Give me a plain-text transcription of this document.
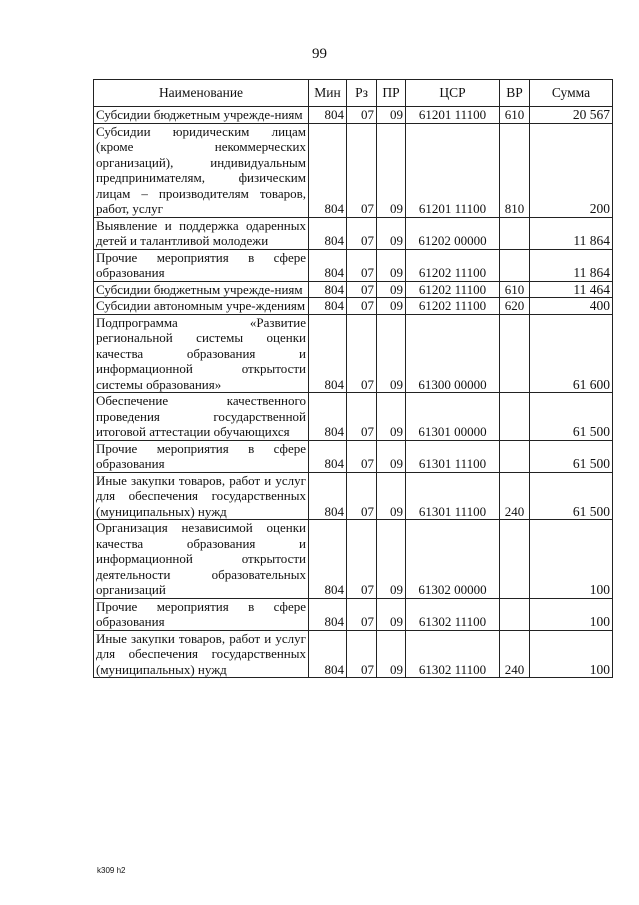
99
Наименование	Мин	Рз	ПР	ЦСР	ВР	Сумма
Субсидии бюджетным учрежде-ниям	804	07	09	61201 11100	610	20 567
Субсидии юридическим лицам (кроме некоммерческих организаций), индивидуальным предпринимателям, физическим лицам – производителям товаров, работ, услуг	804	07	09	61201 11100	810	200
Выявление и поддержка одаренных детей и талантливой молодежи	804	07	09	61202 00000		11 864
Прочие мероприятия в сфере образования	804	07	09	61202 11100		11 864
Субсидии бюджетным учрежде-ниям	804	07	09	61202 11100	610	11 464
Субсидии автономным учре-ждениям	804	07	09	61202 11100	620	400
Подпрограмма «Развитие региональной системы оценки качества образования и информационной открытости системы образования»	804	07	09	61300 00000		61 600
Обеспечение качественного проведения государственной итоговой аттестации обучающихся	804	07	09	61301 00000		61 500
Прочие мероприятия в сфере образования	804	07	09	61301 11100		61 500
Иные закупки товаров, работ и услуг для обеспечения государственных (муниципальных) нужд	804	07	09	61301 11100	240	61 500
Организация независимой оценки качества образования и информационной открытости деятельности образовательных организаций	804	07	09	61302 00000		100
Прочие мероприятия в сфере образования	804	07	09	61302 11100		100
Иные закупки товаров, работ и услуг для обеспечения государственных (муниципальных) нужд	804	07	09	61302 11100	240	100
k309 h2
